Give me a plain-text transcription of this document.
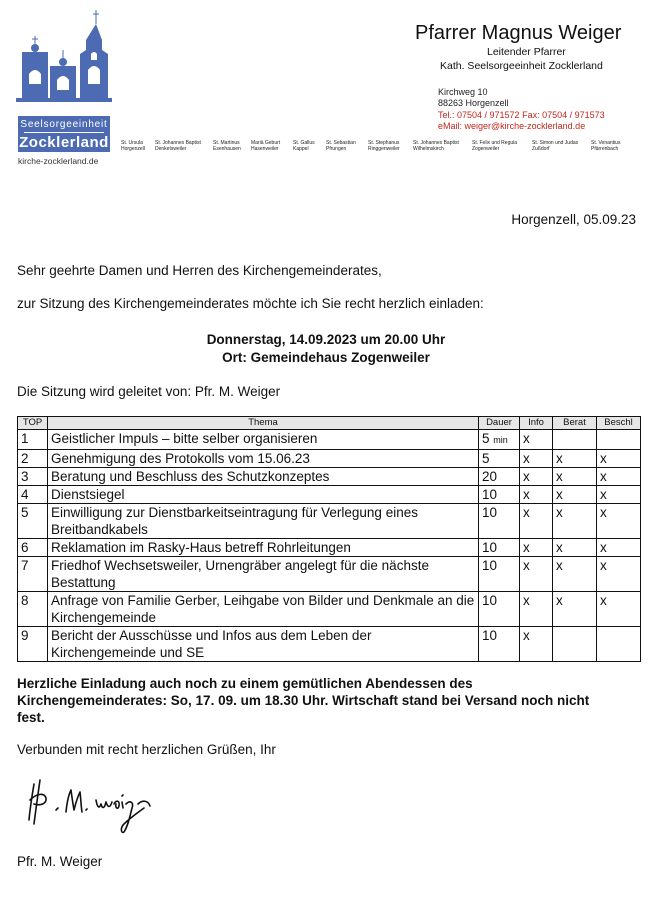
Seelsorgeeinheit
Zocklerland
kirche-zocklerland.de
St. Ursula
Horgenzell
St. Johannes Baptist
Denketsweiler
St. Martinus
Esenhausen
Mariä Geburt
Hasenweiler
St. Gallus
Kappel
St. Sebastian
Pfrungen
St. Stephanus
Ringgenweiler
St. Johannes Baptist
Wilhelmskirch
St. Felix und Regula
Zogenweiler
St. Simon und Judas
Zußdorf
St. Venantius
Pfärrenbach
Pfarrer Magnus Weiger
Leitender Pfarrer
Kath. Seelsorgeeinheit Zocklerland
Kirchweg 10
88263 Horgenzell
Tel.: 07504 / 971572 Fax: 07504 / 971573
eMail: weiger@kirche-zocklerland.de
Horgenzell, 05.09.23
Sehr geehrte Damen und Herren des Kirchengemeinderates,
zur Sitzung des Kirchengemeinderates möchte ich Sie recht herzlich einladen:
Donnerstag, 14.09.2023 um 20.00 Uhr
Ort: Gemeindehaus Zogenweiler
Die Sitzung wird geleitet von: Pfr. M. Weiger
TOP	Thema	Dauer	Info	Berat	Beschl
1	Geistlicher Impuls – bitte selber organisieren	5 min	x		
2	Genehmigung des Protokolls vom 15.06.23	5	x	x	x
3	Beratung und Beschluss des Schutzkonzeptes	20	x	x	x
4	Dienstsiegel	10	x	x	x
5	Einwilligung zur Dienstbarkeitseintragung für Verlegung eines Breitbandkabels	10	x	x	x
6	Reklamation im Rasky-Haus betreff Rohrleitungen	10	x	x	x
7	Friedhof Wechsetsweiler, Urnengräber angelegt für die nächste Bestattung	10	x	x	x
8	Anfrage von Familie Gerber, Leihgabe von Bilder und Denkmale an die Kirchengemeinde	10	x	x	x
9	Bericht der Ausschüsse und Infos aus dem Leben der Kirchengemeinde und SE	10	x		
Herzliche Einladung auch noch zu einem gemütlichen Abendessen des
Kirchengemeinderates: So, 17. 09. um 18.30 Uhr. Wirtschaft stand bei Versand noch nicht
fest.
Verbunden mit recht herzlichen Grüßen, Ihr
Pfr. M. Weiger
